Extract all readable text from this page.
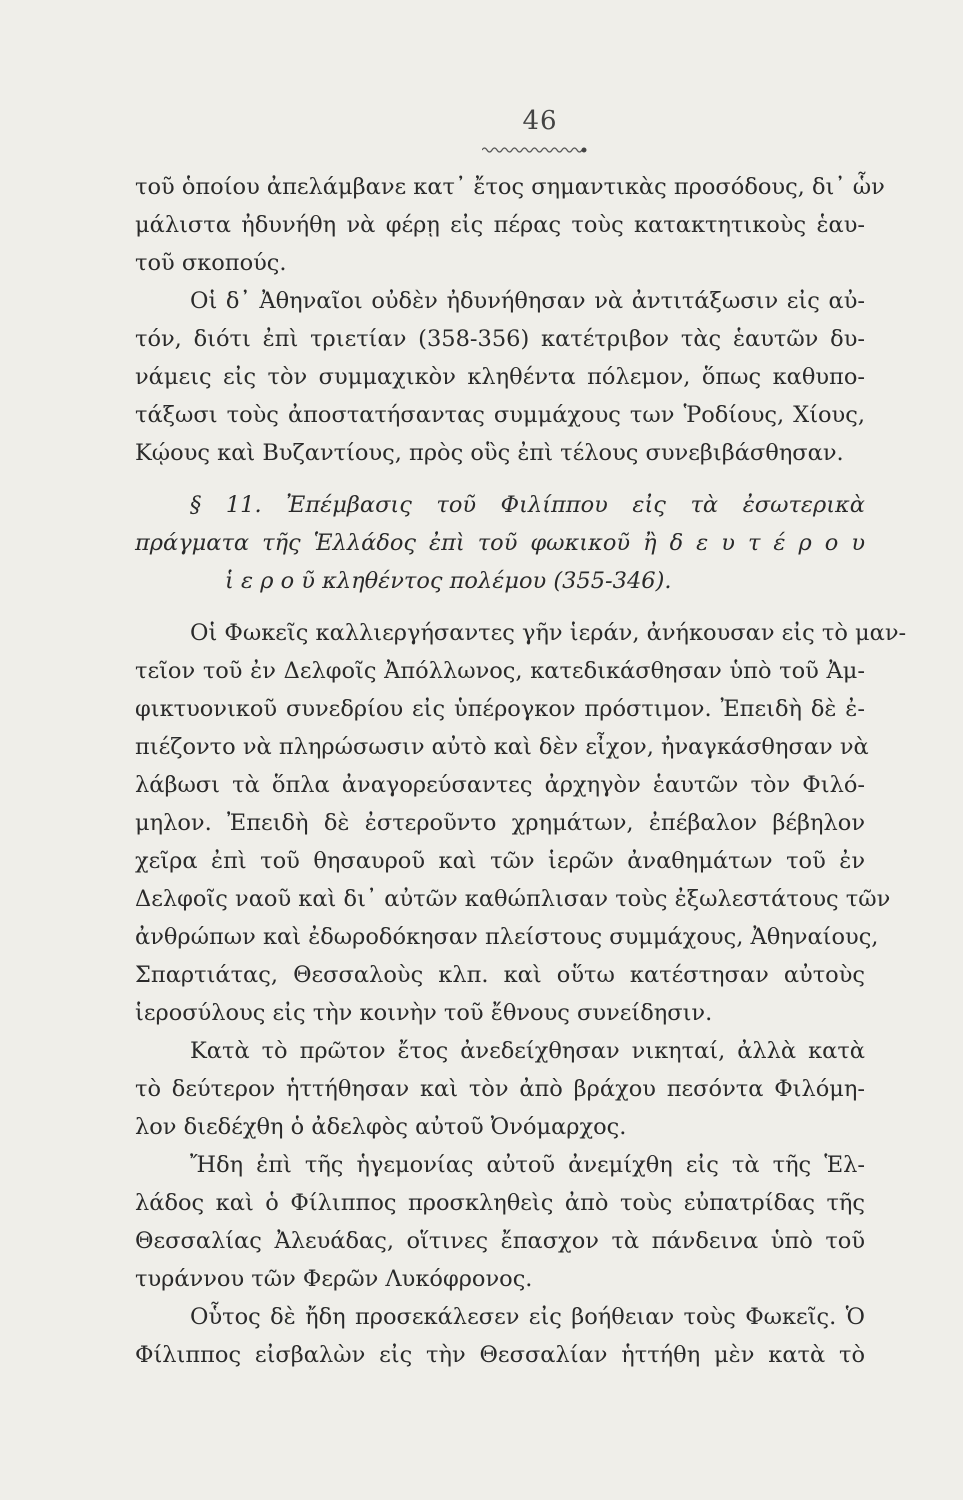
46
τοῦ ὁποίου ἀπελάμβανε κατ᾽ ἔτος σημαντικὰς προσόδους, δι᾽ ὧν
μάλιστα ἠδυνήθη νὰ φέρῃ εἰς πέρας τοὺς κατακτητικοὺς ἑαυ-
τοῦ σκοπούς.
Οἱ δ᾽ Ἀθηναῖοι οὐδὲν ἠδυνήθησαν νὰ ἀντιτάξωσιν εἰς αὐ-
τόν, διότι ἐπὶ τριετίαν (358-356) κατέτριβον τὰς ἑαυτῶν δυ-
νάμεις εἰς τὸν συμμαχικὸν κληθέντα πόλεμον, ὅπως καθυπο-
τάξωσι τοὺς ἀποστατήσαντας συμμάχους των Ῥοδίους, Χίους,
Κῴους καὶ Βυζαντίους, πρὸς οὓς ἐπὶ τέλους συνεβιβάσθησαν.
§ 11. Ἐπέμβασις τοῦ Φιλίππου εἰς τὰ ἐσωτερικὰ
πράγματα τῆς Ἑλλάδος ἐπὶ τοῦ φωκικοῦ ἢ δ ε υ τ έ ρ ο υ
ἱ ε ρ ο ῦ κληθέντος πολέμου (355-346).
Οἱ Φωκεῖς καλλιεργήσαντες γῆν ἱεράν, ἀνήκουσαν εἰς τὸ μαν-
τεῖον τοῦ ἐν Δελφοῖς Ἀπόλλωνος, κατεδικάσθησαν ὑπὸ τοῦ Ἀμ-
φικτυονικοῦ συνεδρίου εἰς ὑπέρογκον πρόστιμον. Ἐπειδὴ δὲ ἐ-
πιέζοντο νὰ πληρώσωσιν αὐτὸ καὶ δὲν εἶχον, ἠναγκάσθησαν νὰ
λάβωσι τὰ ὅπλα ἀναγορεύσαντες ἀρχηγὸν ἑαυτῶν τὸν Φιλό-
μηλον. Ἐπειδὴ δὲ ἐστεροῦντο χρημάτων, ἐπέβαλον βέβηλον
χεῖρα ἐπὶ τοῦ θησαυροῦ καὶ τῶν ἱερῶν ἀναθημάτων τοῦ ἐν
Δελφοῖς ναοῦ καὶ δι᾽ αὐτῶν καθώπλισαν τοὺς ἐξωλεστάτους τῶν
ἀνθρώπων καὶ ἐδωροδόκησαν πλείστους συμμάχους, Ἀθηναίους,
Σπαρτιάτας, Θεσσαλοὺς κλπ. καὶ οὕτω κατέστησαν αὐτοὺς
ἱεροσύλους εἰς τὴν κοινὴν τοῦ ἔθνους συνείδησιν.
Κατὰ τὸ πρῶτον ἔτος ἀνεδείχθησαν νικηταί, ἀλλὰ κατὰ
τὸ δεύτερον ἡττήθησαν καὶ τὸν ἀπὸ βράχου πεσόντα Φιλόμη-
λον διεδέχθη ὁ ἀδελφὸς αὐτοῦ Ὀνόμαρχος.
Ἤδη ἐπὶ τῆς ἡγεμονίας αὐτοῦ ἀνεμίχθη εἰς τὰ τῆς Ἑλ-
λάδος καὶ ὁ Φίλιππος προσκληθεὶς ἀπὸ τοὺς εὐπατρίδας τῆς
Θεσσαλίας Ἀλευάδας, οἵτινες ἔπασχον τὰ πάνδεινα ὑπὸ τοῦ
τυράννου τῶν Φερῶν Λυκόφρονος.
Οὗτος δὲ ἤδη προσεκάλεσεν εἰς βοήθειαν τοὺς Φωκεῖς. Ὁ
Φίλιππος εἰσβαλὼν εἰς τὴν Θεσσαλίαν ἡττήθη μὲν κατὰ τὸ
